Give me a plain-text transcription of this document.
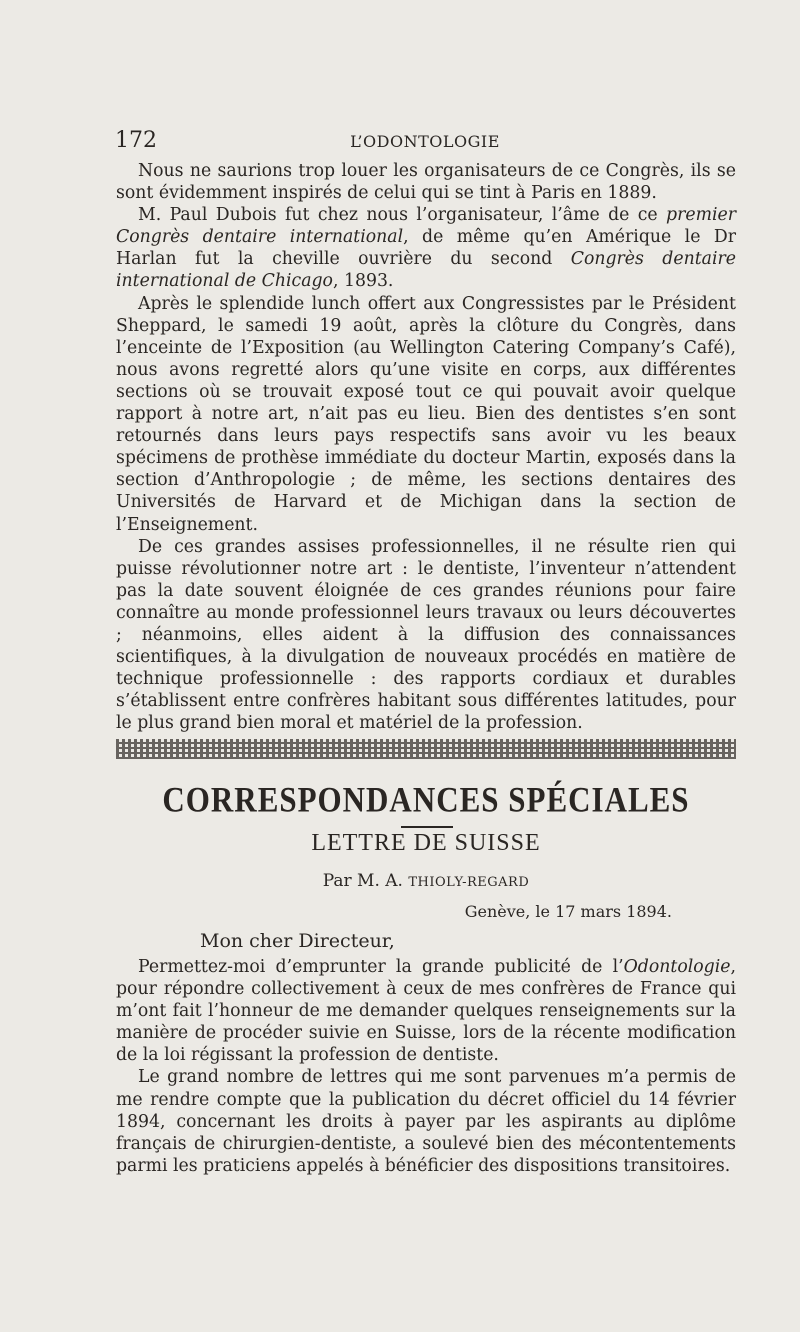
172	L’ODONTOLOGIE

Nous ne saurions trop louer les organisateurs de ce Congrès, ils se sont évidemment inspirés de celui qui se tint à Paris en 1889.

M. Paul Dubois fut chez nous l’organisateur, l’âme de ce premier Congrès dentaire international, de même qu’en Amérique le Dr Harlan fut la cheville ouvrière du second Congrès dentaire international de Chicago, 1893.

Après le splendide lunch offert aux Congressistes par le Président Sheppard, le samedi 19 août, après la clôture du Congrès, dans l’enceinte de l’Exposition (au Wellington Catering Company’s Café), nous avons regretté alors qu’une visite en corps, aux différentes sections où se trouvait exposé tout ce qui pouvait avoir quelque rapport à notre art, n’ait pas eu lieu. Bien des dentistes s’en sont retournés dans leurs pays respectifs sans avoir vu les beaux spécimens de prothèse immédiate du docteur Martin, exposés dans la section d’Anthropologie ; de même, les sections dentaires des Universités de Harvard et de Michigan dans la section de l’Enseignement.

De ces grandes assises professionnelles, il ne résulte rien qui puisse révolutionner notre art : le dentiste, l’inventeur n’attendent pas la date souvent éloignée de ces grandes réunions pour faire connaître au monde professionnel leurs travaux ou leurs découvertes ; néanmoins, elles aident à la diffusion des connaissances scientifiques, à la divulgation de nouveaux procédés en matière de technique professionnelle : des rapports cordiaux et durables s’établissent entre confrères habitant sous différentes latitudes, pour le plus grand bien moral et matériel de la profession.

CORRESPONDANCES SPÉCIALES
LETTRE DE SUISSE
Par M. A. THIOLY-REGARD
Genève, le 17 mars 1894.
Mon cher Directeur,

Permettez-moi d’emprunter la grande publicité de l’Odontologie, pour répondre collectivement à ceux de mes confrères de France qui m’ont fait l’honneur de me demander quelques renseignements sur la manière de procéder suivie en Suisse, lors de la récente modification de la loi régissant la profession de dentiste.

Le grand nombre de lettres qui me sont parvenues m’a permis de me rendre compte que la publication du décret officiel du 14 février 1894, concernant les droits à payer par les aspirants au diplôme français de chirurgien-dentiste, a soulevé bien des mécontentements parmi les praticiens appelés à bénéficier des dispositions transitoires.
